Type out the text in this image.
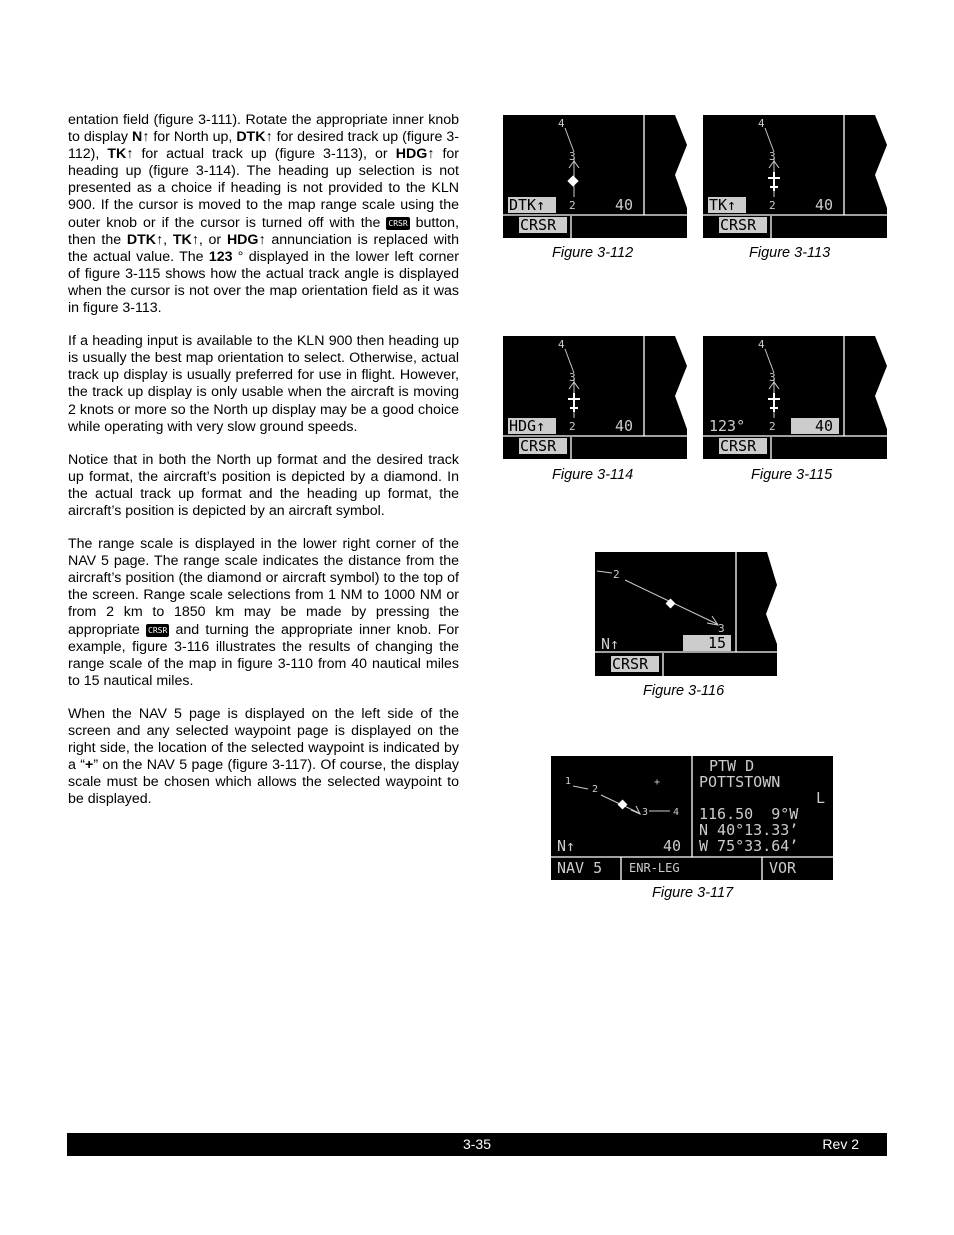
entation field (figure 3-111). Rotate the appropriate inner knob to display N↑ for North up, DTK↑ for desired track up (figure 3-112), TK↑ for actual track up (figure 3-113), or HDG↑ for heading up (figure 3-114). The heading up selection is not presented as a choice if heading is not provided to the KLN 900. If the cursor is moved to the map range scale using the outer knob or if the cursor is turned off with the CRSR button, then the DTK↑, TK↑, or HDG↑ annunciation is replaced with the actual value. The 123 ° displayed in the lower left corner of figure 3-115 shows how the actual track angle is displayed when the cursor is not over the map orientation field as it was in figure 3-113.

If a heading input is available to the KLN 900 then heading up is usually the best map orientation to select. Otherwise, actual track up display is usually preferred for use in flight. However, the track up display is only usable when the aircraft is moving 2 knots or more so the North up display may be a good choice while operating with very slow ground speeds.

Notice that in both the North up format and the desired track up format, the aircraft’s position is depicted by a diamond. In the actual track up format and the heading up format, the aircraft’s position is depicted by an aircraft symbol.

The range scale is displayed in the lower right corner of the NAV 5 page. The range scale indicates the distance from the aircraft’s position (the diamond or aircraft symbol) to the top of the screen. Range scale selections from 1 NM to 1000 NM or from 2 km to 1850 km may be made by pressing the appropriate CRSR and turning the appropriate inner knob. For example, figure 3-116 illustrates the results of changing the range scale of the map in figure 3-110 from 40 nautical miles to 15 nautical miles.

When the NAV 5 page is displayed on the left side of the screen and any selected waypoint page is displayed on the right side, the location of the selected waypoint is indicated by a “+” on the NAV 5 page (figure 3-117). Of course, the display scale must be chosen which allows the selected waypoint to be displayed.

4
3
2
DTK↑	40
CRSR
Figure 3-112
4
3
2
TK↑	40
CRSR
Figure 3-113
4
3
2
HDG↑	40
CRSR
Figure 3-114
4
3
2
123°	40
CRSR
Figure 3-115
2
3
N↑	15
CRSR
Figure 3-116
+
1
2
3 4
N↑	40
PTW D
POTTSTOWN
L
116.50  9°W
N 40°13.33’
W 75°33.64’
NAV 5 ENR-LEG	VOR
Figure 3-117
3-35	Rev 2
